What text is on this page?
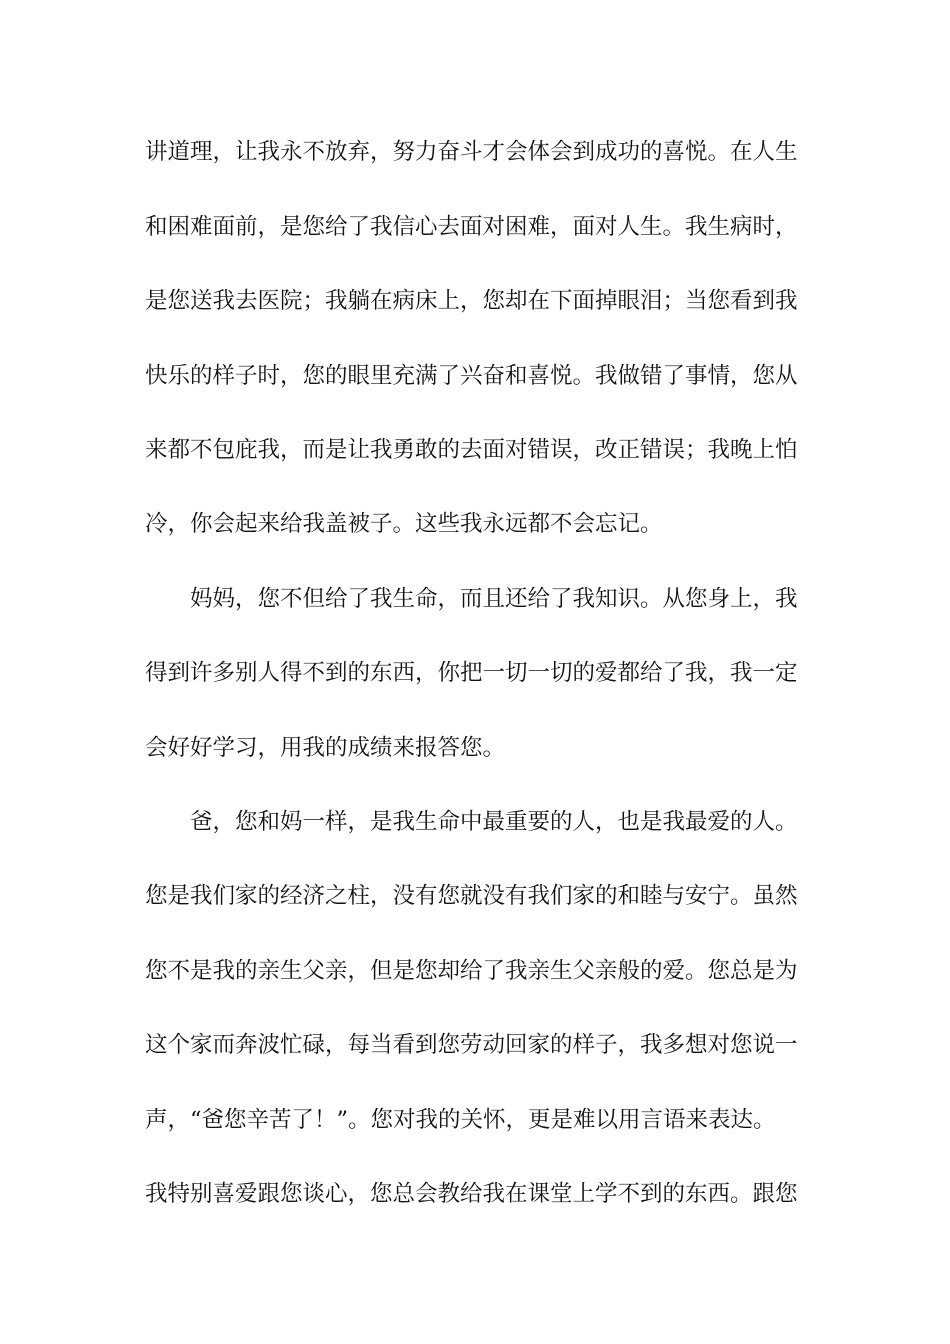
讲道理，让我永不放弃，努力奋斗才会体会到成功的喜悦。在人生
和困难面前，是您给了我信心去面对困难，面对人生。我生病时，
是您送我去医院；我躺在病床上，您却在下面掉眼泪；当您看到我
快乐的样子时，您的眼里充满了兴奋和喜悦。我做错了事情，您从
来都不包庇我，而是让我勇敢的去面对错误，改正错误；我晚上怕
冷，你会起来给我盖被子。这些我永远都不会忘记。
妈妈，您不但给了我生命，而且还给了我知识。从您身上，我
得到许多别人得不到的东西，你把一切一切的爱都给了我，我一定
会好好学习，用我的成绩来报答您。
爸，您和妈一样，是我生命中最重要的人，也是我最爱的人。
您是我们家的经济之柱，没有您就没有我们家的和睦与安宁。虽然
您不是我的亲生父亲，但是您却给了我亲生父亲般的爱。您总是为
这个家而奔波忙碌，每当看到您劳动回家的样子，我多想对您说一
声，“爸您辛苦了！”。您对我的关怀，更是难以用言语来表达。
我特别喜爱跟您谈心，您总会教给我在课堂上学不到的东西。跟您
